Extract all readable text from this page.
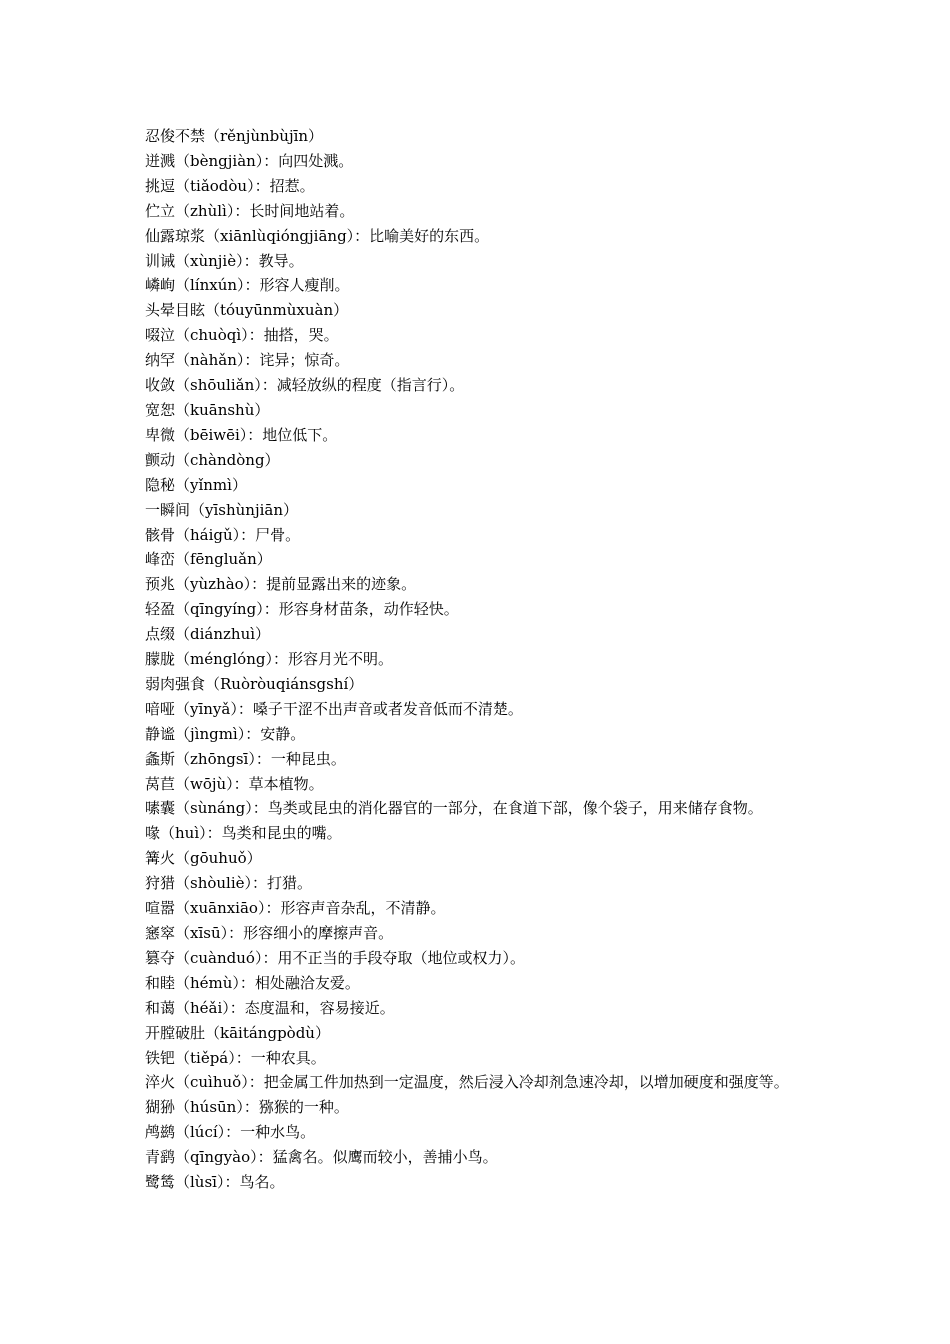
忍俊不禁（rěnjùnbùjīn）

迸溅（bèngjiàn）：向四处溅。

挑逗（tiǎodòu）：招惹。

伫立（zhùlì）：长时间地站着。

仙露琼浆（xiānlùqióngjiāng）：比喻美好的东西。

训诫（xùnjiè）：教导。

嶙峋（línxún）：形容人瘦削。

头晕目眩（tóuyūnmùxuàn）

啜泣（chuòqì）：抽搭，哭。

纳罕（nàhǎn）：诧异；惊奇。

收敛（shōuliǎn）：减轻放纵的程度（指言行）。

宽恕（kuānshù）

卑微（bēiwēi）：地位低下。

颤动（chàndòng）

隐秘（yǐnmì）

一瞬间（yīshùnjiān）

骸骨（háigǔ）：尸骨。

峰峦（fēngluǎn）

预兆（yùzhào）：提前显露出来的迹象。

轻盈（qīngyíng）：形容身材苗条，动作轻快。

点缀（diánzhuì）

朦胧（ménglóng）：形容月光不明。

弱肉强食（Ruòròuqiánsgshí）

喑哑（yīnyǎ）：嗓子干涩不出声音或者发音低而不清楚。

静谧（jìngmì）：安静。

螽斯（zhōngsī）：一种昆虫。

莴苣（wōjù）：草本植物。

嗉囊（sùnáng）：鸟类或昆虫的消化器官的一部分，在食道下部，像个袋子，用来储存食物。

喙（huì）：鸟类和昆虫的嘴。

篝火（gōuhuǒ）

狩猎（shòuliè）：打猎。

喧嚣（xuānxiāo）：形容声音杂乱，不清静。

窸窣（xīsū）：形容细小的摩擦声音。

篡夺（cuànduó）：用不正当的手段夺取（地位或权力）。

和睦（hémù）：相处融洽友爱。

和蔼（héǎi）：态度温和，容易接近。

开膛破肚（kāitángpòdù）

铁钯（tiěpá）：一种农具。

淬火（cuìhuǒ）：把金属工件加热到一定温度，然后浸入冷却剂急速冷却，以增加硬度和强度等。

猢狲（húsūn）：猕猴的一种。

鸬鹚（lúcí）：一种水鸟。

青鹞（qīngyào）：猛禽名。似鹰而较小，善捕小鸟。

鹭鸶（lùsī）：鸟名。
